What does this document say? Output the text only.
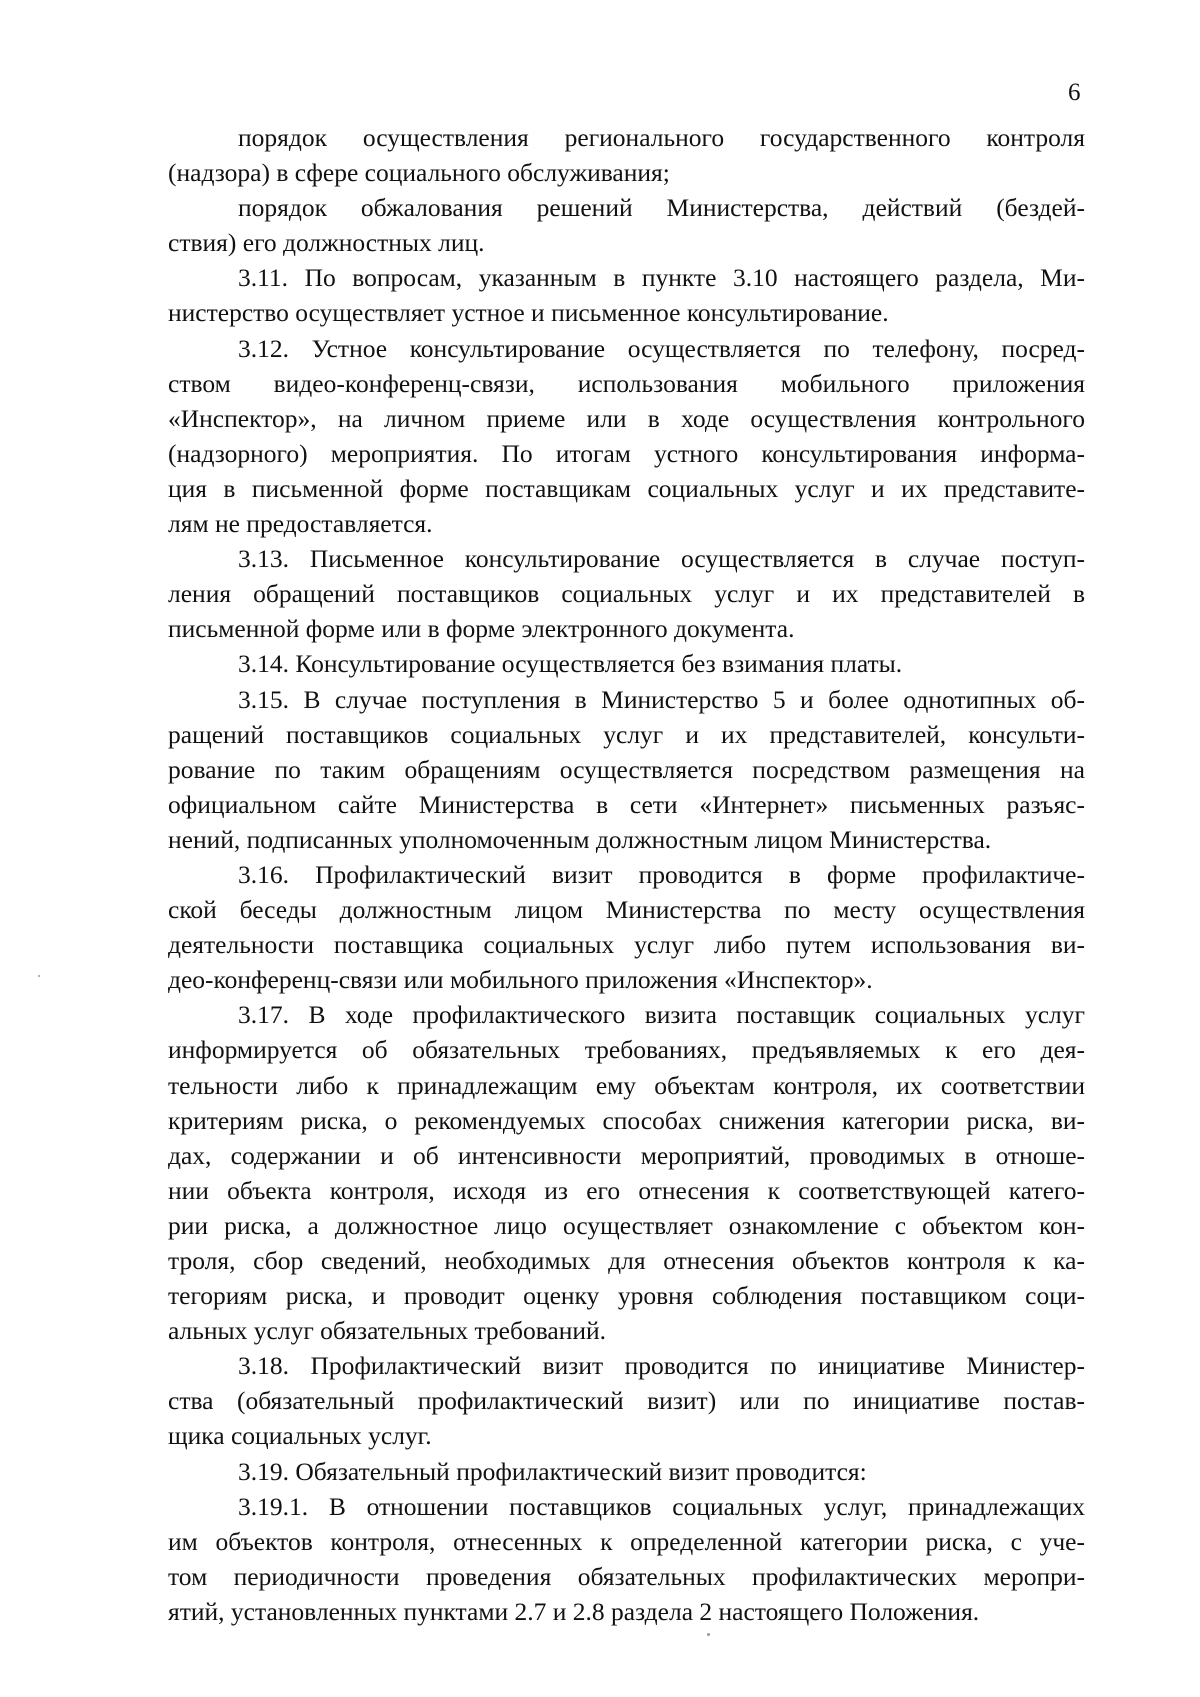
6
порядок осуществления регионального государственного контроля
(надзора) в сфере социального обслуживания;
порядок обжалования решений Министерства, действий (бездей-
ствия) его должностных лиц.
3.11. По вопросам, указанным в пункте 3.10 настоящего раздела, Ми-
нистерство осуществляет устное и письменное консультирование.
3.12. Устное консультирование осуществляется по телефону, посред-
ством видео-конференц-связи, использования мобильного приложения
«Инспектор», на личном приеме или в ходе осуществления контрольного
(надзорного) мероприятия. По итогам устного консультирования информа-
ция в письменной форме поставщикам социальных услуг и их представите-
лям не предоставляется.
3.13. Письменное консультирование осуществляется в случае поступ-
ления обращений поставщиков социальных услуг и их представителей в
письменной форме или в форме электронного документа.
3.14. Консультирование осуществляется без взимания платы.
3.15. В случае поступления в Министерство 5 и более однотипных об-
ращений поставщиков социальных услуг и их представителей, консульти-
рование по таким обращениям осуществляется посредством размещения на
официальном сайте Министерства в сети «Интернет» письменных разъяс-
нений, подписанных уполномоченным должностным лицом Министерства.
3.16. Профилактический визит проводится в форме профилактиче-
ской беседы должностным лицом Министерства по месту осуществления
деятельности поставщика социальных услуг либо путем использования ви-
део-конференц-связи или мобильного приложения «Инспектор».
3.17. В ходе профилактического визита поставщик социальных услуг
информируется об обязательных требованиях, предъявляемых к его дея-
тельности либо к принадлежащим ему объектам контроля, их соответствии
критериям риска, о рекомендуемых способах снижения категории риска, ви-
дах, содержании и об интенсивности мероприятий, проводимых в отноше-
нии объекта контроля, исходя из его отнесения к соответствующей катего-
рии риска, а должностное лицо осуществляет ознакомление с объектом кон-
троля, сбор сведений, необходимых для отнесения объектов контроля к ка-
тегориям риска, и проводит оценку уровня соблюдения поставщиком соци-
альных услуг обязательных требований.
3.18. Профилактический визит проводится по инициативе Министер-
ства (обязательный профилактический визит) или по инициативе постав-
щика социальных услуг.
3.19. Обязательный профилактический визит проводится:
3.19.1. В отношении поставщиков социальных услуг, принадлежащих
им объектов контроля, отнесенных к определенной категории риска, с уче-
том периодичности проведения обязательных профилактических меропри-
ятий, установленных пунктами 2.7 и 2.8 раздела 2 настоящего Положения.
